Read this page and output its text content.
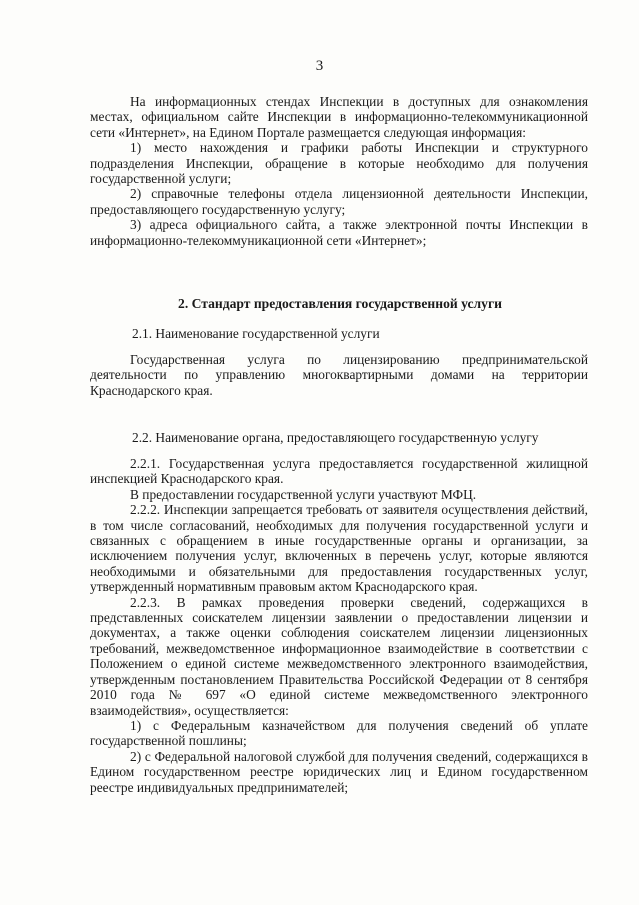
3

На информационных стендах Инспекции в доступных для ознакомления местах, официальном сайте Инспекции в информационно-телекоммуникационной сети «Интернет», на Едином Портале размещается следующая информация:

1) место нахождения и графики работы Инспекции и структурного подразделения Инспекции, обращение в которые необходимо для получения государственной услуги;

2) справочные телефоны отдела лицензионной деятельности Инспекции, предоставляющего государственную услугу;

3) адреса официального сайта, а также электронной почты Инспекции в информационно-телекоммуникационной сети «Интернет»;

2. Стандарт предоставления государственной услуги
2.1. Наименование государственной услуги

Государственная услуга по лицензированию предпринимательской деятельности по управлению многоквартирными домами на территории Краснодарского края.

2.2. Наименование органа, предоставляющего государственную услугу

2.2.1. Государственная услуга предоставляется государственной жилищной инспекцией Краснодарского края.

В предоставлении государственной услуги участвуют МФЦ.

2.2.2. Инспекции запрещается требовать от заявителя осуществления действий, в том числе согласований, необходимых для получения государственной услуги и связанных с обращением в иные государственные органы и организации, за исключением получения услуг, включенных в перечень услуг, которые являются необходимыми и обязательными для предоставления государственных услуг, утвержденный нормативным правовым актом Краснодарского края.

2.2.3. В рамках проведения проверки сведений, содержащихся в представленных соискателем лицензии заявлении о предоставлении лицензии и документах, а также оценки соблюдения соискателем лицензии лицензионных требований, межведомственное информационное взаимодействие в соответствии с Положением о единой системе межведомственного электронного взаимодействия, утвержденным постановлением Правительства Российской Федерации от 8 сентября 2010 года № 697 «О единой системе межведомственного электронного взаимодействия», осуществляется:

1) с Федеральным казначейством для получения сведений об уплате государственной пошлины;

2) с Федеральной налоговой службой для получения сведений, содержащихся в Едином государственном реестре юридических лиц и Едином государственном реестре индивидуальных предпринимателей;
